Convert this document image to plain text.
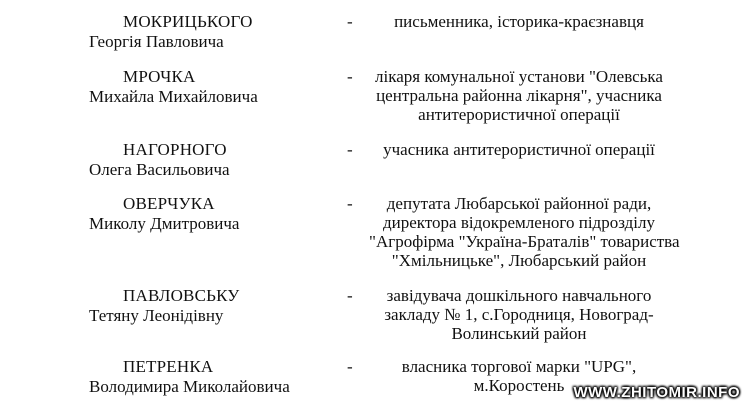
МОКРИЦЬКОГО
Георгія Павловича
-	письменника, історика-краєзнавця
МРОЧКА
Михайла Михайловича
-	лікаря комунальної установи "Олевська
центральна районна лікарня", учасника
антитерористичної операції
НАГОРНОГО
Олега Васильовича
-	учасника антитерористичної операції
ОВЕРЧУКА
Миколу Дмитровича
-	депутата Любарської районної ради,
директора відокремленого підрозділу
"Агрофірма "Україна-Браталів" товариства
"Хмільницьке", Любарський район
ПАВЛОВСЬКУ
Тетяну Леонідівну
-	завідувача дошкільного навчального
закладу № 1, с.Городниця, Новоград-
Волинський район
ПЕТРЕНКА
Володимира Миколайовича
-	власника торгової марки "UPG",
м.Коростень WWW.ZHITOMIR.INFO
